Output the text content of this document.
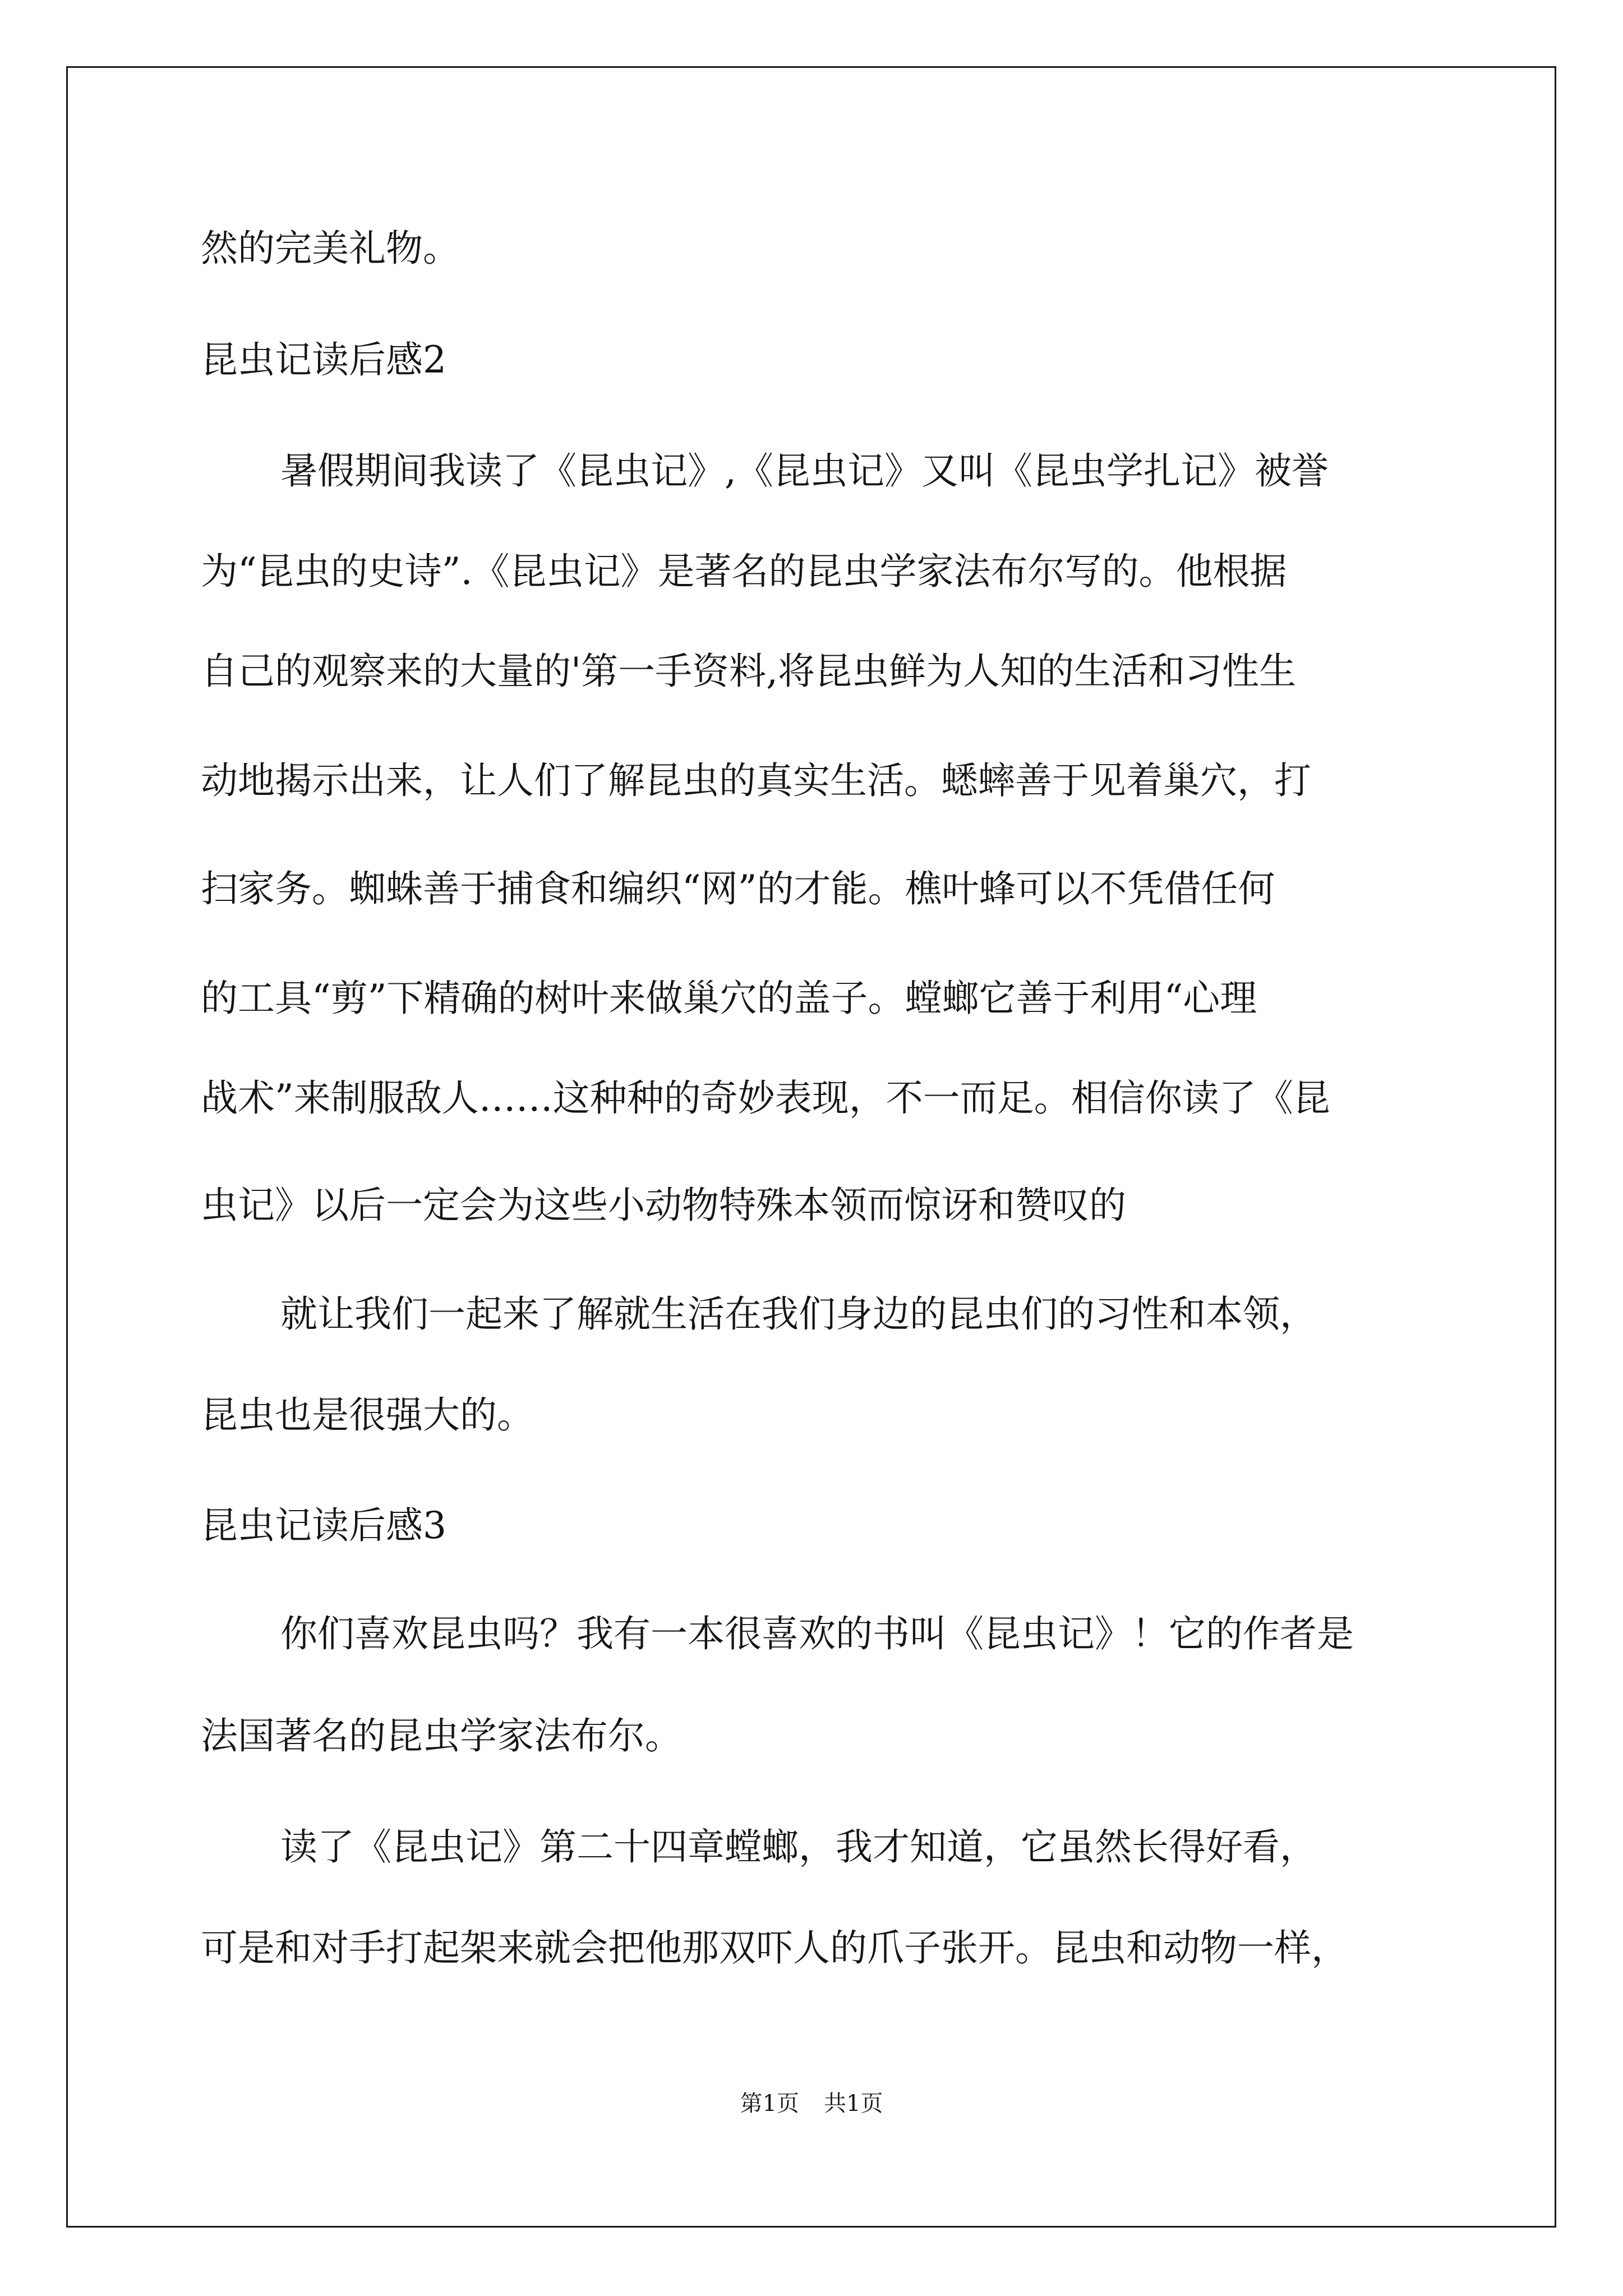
然的完美礼物。
昆虫记读后感2
暑假期间我读了《昆虫记》,《昆虫记》又叫《昆虫学扎记》被誉
为“昆虫的史诗”.《昆虫记》是著名的昆虫学家法布尔写的。他根据
自己的观察来的大量的'第一手资料,将昆虫鲜为人知的生活和习性生
动地揭示出来，让人们了解昆虫的真实生活。蟋蟀善于见着巢穴，打
扫家务。蜘蛛善于捕食和编织“网”的才能。樵叶蜂可以不凭借任何
的工具“剪”下精确的树叶来做巢穴的盖子。螳螂它善于利用“心理
战术”来制服敌人……这种种的奇妙表现，不一而足。相信你读了《昆
虫记》以后一定会为这些小动物特殊本领而惊讶和赞叹的
就让我们一起来了解就生活在我们身边的昆虫们的习性和本领，
昆虫也是很强大的。
昆虫记读后感3
你们喜欢昆虫吗？我有一本很喜欢的书叫《昆虫记》！它的作者是
法国著名的昆虫学家法布尔。
读了《昆虫记》第二十四章螳螂，我才知道，它虽然长得好看，
可是和对手打起架来就会把他那双吓人的爪子张开。昆虫和动物一样，
第1页 共1页
